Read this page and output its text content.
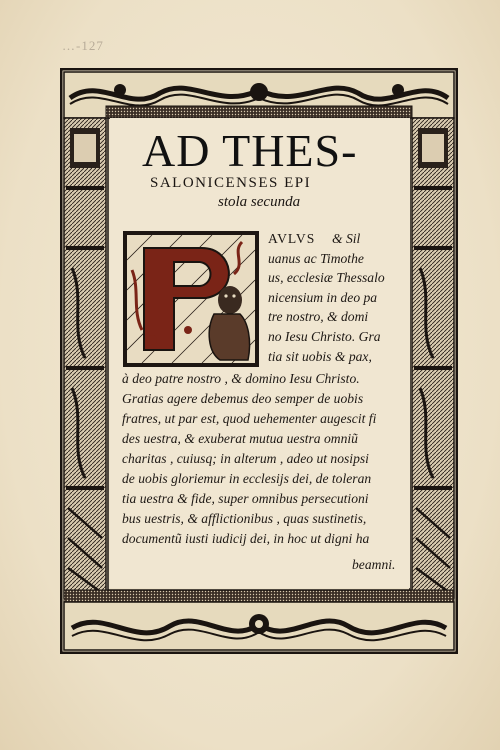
…-127
AD THES-
SALONICENSES EPI
stola secunda
AVLVS & Sil
uanus ac Timothe
us, ecclesiæ Thessalo
nicensium in deo pa
tre nostro, & domi
no Iesu Christo. Gra
tia sit uobis & pax,
à deo patre nostro , & domino Iesu Christo.
Gratias agere debemus deo semper de uobis
fratres, ut par est, quod uehementer augescit fi
des uestra, & exuberat mutua uestra omniũ
charitas , cuiusq; in alterum , adeo ut nosipsi
de uobis gloriemur in ecclesijs dei, de toleran
tia uestra & fide, super omnibus persecutioni
bus uestris, & afflictionibus , quas sustinetis,
documentũ iusti iudicij dei, in hoc ut digni ha
beamni.
